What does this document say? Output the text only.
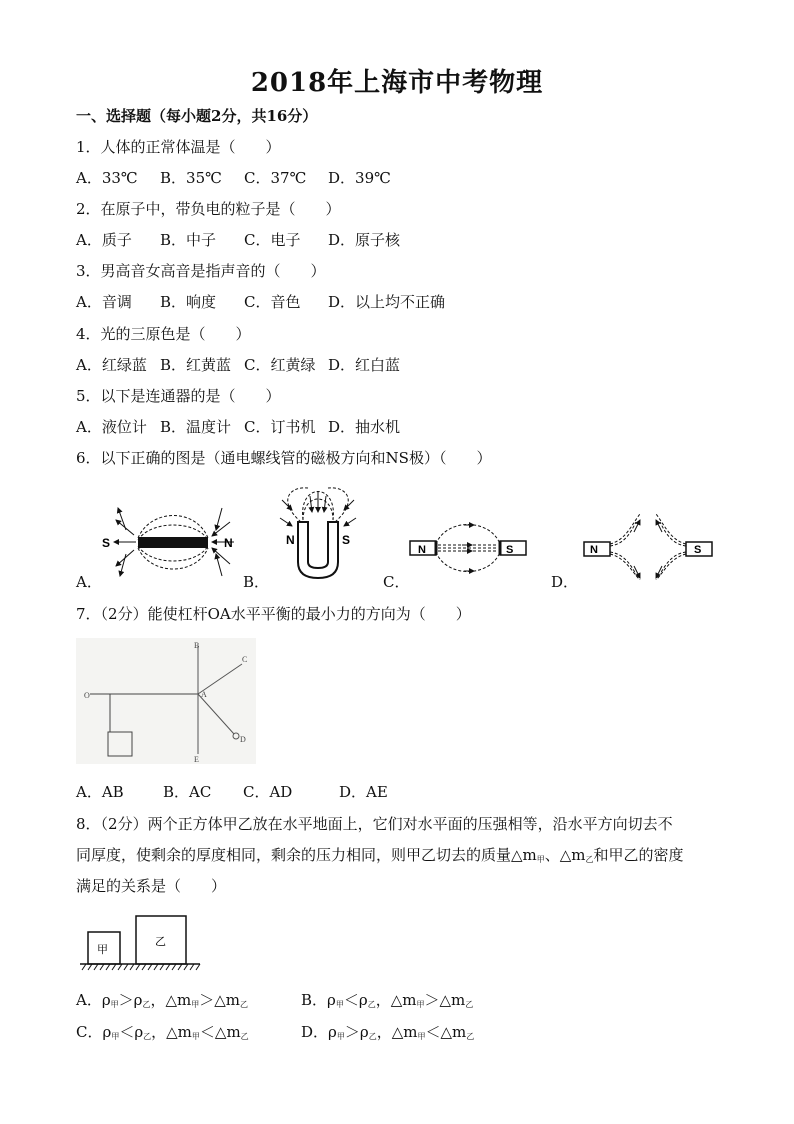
2018年上海市中考物理
一、选择题（每小题2分，共16分）
1．人体的正常体温是（　　）
A．33℃ B．35℃ C．37℃ D．39℃
2．在原子中，带负电的粒子是（　　）
A．质子 B．中子 C．电子 D．原子核
3．男高音女高音是指声音的（　　）
A．音调 B．响度 C．音色 D．以上均不正确
4．光的三原色是（　　）
A．红绿蓝 B．红黄蓝 C．红黄绿 D．红白蓝
5．以下是连通器的是（　　）
A．液位计 B．温度计 C．订书机 D．抽水机
6．以下正确的图是（通电螺线管的磁极方向和NS极）（　　）
S	N	N	S
N	S	N	S
A．	B．	C．	D．
7．（2分）能使杠杆OA水平平衡的最小力的方向为（　　）
O	A
B
C
D
E
A．AB	B．AC C．AD	D．AE
8．（2分）两个正方体甲乙放在水平地面上，它们对水平面的压强相等，沿水平方向切去不
同厚度，使剩余的厚度相同，剩余的压力相同，则甲乙切去的质量$\triangle m_甲$、$\triangle m_乙$和甲乙的密度
满足的关系是（　　）
甲
乙
A．$\rho_甲>\rho_乙$，$\triangle m_甲>\triangle m_乙$	B．$\rho_甲<\rho_乙$，$\triangle m_甲>\triangle m_乙$
C．$\rho_甲<\rho_乙$，$\triangle m_甲<\triangle m_乙$	D．$\rho_甲>\rho_乙$，$\triangle m_甲<\triangle m_乙$
